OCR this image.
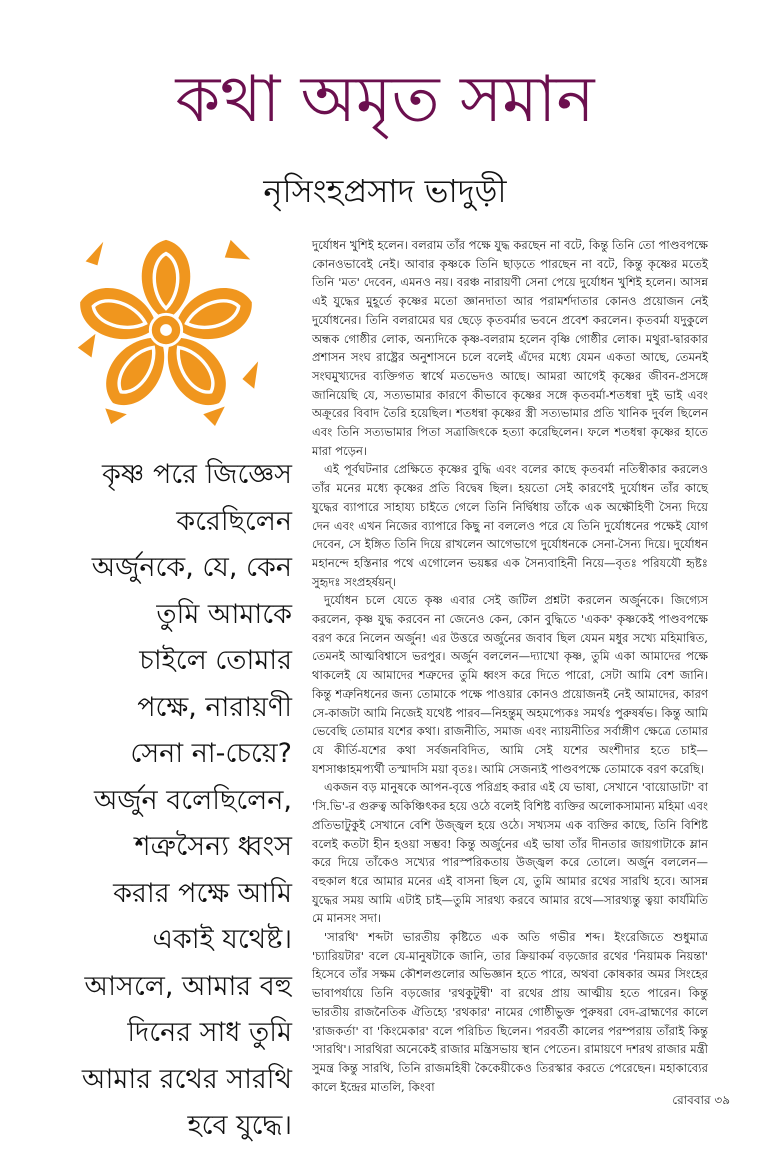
কথা অমৃত সমান
নৃসিংহপ্রসাদ ভাদুড়ী
কৃষ্ণ পরে জিজ্ঞেস
করেছিলেন
অর্জুনকে, যে, কেন
তুমি আমাকে
চাইলে তোমার
পক্ষে, নারায়ণী
সেনা না-চেয়ে?
অর্জুন বলেছিলেন,
শত্রুসৈন্য ধ্বংস
করার পক্ষে আমি
একাই যথেষ্ট।
আসলে, আমার বহু
দিনের সাধ তুমি
আমার রথের সারথি
হবে যুদ্ধে।

দুর্যোধন খুশিই হলেন। বলরাম তাঁর পক্ষে যুদ্ধ করছেন না বটে, কিন্তু তিনি তো পাণ্ডবপক্ষে কোনওভাবেই নেই। আবার কৃষ্ণকে তিনি ছাড়তে পারছেন না বটে, কিন্তু কৃষ্ণের মতেই তিনি 'মত' দেবেন, এমনও নয়। বরঞ্চ নারায়ণী সেনা পেয়ে দুর্যোধন খুশিই হলেন। আসন্ন এই যুদ্ধের মুহূর্তে কৃষ্ণের মতো জ্ঞানদাতা আর পরামর্শদাতার কোনও প্রয়োজন নেই দুর্যোধনের। তিনি বলরামের ঘর ছেড়ে কৃতবর্মার ভবনে প্রবেশ করলেন। কৃতবর্মা যদুকুলে অন্ধক গোষ্ঠীর লোক, অন্যদিকে কৃষ্ণ-বলরাম হলেন বৃষ্ণি গোষ্ঠীর লোক। মথুরা-দ্বারকার প্রশাসন সংঘ রাষ্ট্রের অনুশাসনে চলে বলেই এঁদের মধ্যে যেমন একতা আছে, তেমনই সংঘমুখ্যদের ব্যক্তিগত স্বার্থে মতভেদও আছে। আমরা আগেই কৃষ্ণের জীবন-প্রসঙ্গে জানিয়েছি যে, সত্যভামার কারণে কীভাবে কৃষ্ণের সঙ্গে কৃতবর্মা-শতধন্বা দুই ভাই এবং অক্রূরের বিবাদ তৈরি হয়েছিল। শতধন্বা কৃষ্ণের স্ত্রী সত্যভামার প্রতি খানিক দুর্বল ছিলেন এবং তিনি সত্যভামার পিতা সত্রাজিৎকে হত্যা করেছিলেন। ফলে শতধন্বা কৃষ্ণের হাতে মারা পড়েন।

এই পূর্বঘটনার প্রেক্ষিতে কৃষ্ণের বুদ্ধি এবং বলের কাছে কৃতবর্মা নতিস্বীকার করলেও তাঁর মনের মধ্যে কৃষ্ণের প্রতি বিদ্বেষ ছিল। হয়তো সেই কারণেই দুর্যোধন তাঁর কাছে যুদ্ধের ব্যাপারে সাহায্য চাইতে গেলে তিনি নির্দ্বিধায় তাঁকে এক অক্ষৌহিণী সৈন্য দিয়ে দেন এবং এখন নিজের ব্যাপারে কিছু না বললেও পরে যে তিনি দুর্যোধনের পক্ষেই যোগ দেবেন, সে ইঙ্গিত তিনি দিয়ে রাখলেন আগেভাগে দুর্যোধনকে সেনা-সৈন্য দিয়ে। দুর্যোধন মহানন্দে হস্তিনার পথে এগোলেন ভয়ঙ্কর এক সৈন্যবাহিনী নিয়ে—বৃতঃ পরিযযৌ হৃষ্টঃ সুহৃদঃ সংপ্রহর্ষয়ন্।

দুর্যোধন চলে যেতে কৃষ্ণ এবার সেই জটিল প্রশ্নটা করলেন অর্জুনকে। জিগ্যেস করলেন, কৃষ্ণ যুদ্ধ করবেন না জেনেও কেন, কোন বুদ্ধিতে 'একক' কৃষ্ণকেই পাণ্ডবপক্ষে বরণ করে নিলেন অর্জুন! এর উত্তরে অর্জুনের জবাব ছিল যেমন মধুর সখ্যে মহিমান্বিত, তেমনই আত্মবিশ্বাসে ভরপুর। অর্জুন বললেন—দ্যাখো কৃষ্ণ, তুমি একা আমাদের পক্ষে থাকলেই যে আমাদের শত্রুদের তুমি ধ্বংস করে দিতে পারো, সেটা আমি বেশ জানি। কিন্তু শত্রুনিধনের জন্য তোমাকে পক্ষে পাওয়ার কোনও প্রয়োজনই নেই আমাদের, কারণ সে-কাজটা আমি নিজেই যথেষ্ট পারব—নিহন্তুম্ অহমপ্যেকঃ সমর্থঃ পুরুষর্ষভ। কিন্তু আমি ভেবেছি তোমার যশের কথা। রাজনীতি, সমাজ এবং ন্যায়নীতির সর্বাঙ্গীণ ক্ষেত্রে তোমার যে কীর্তি-যশের কথা সর্বজনবিদিত, আমি সেই যশের অংশীদার হতে চাই—যশসাঞ্চাহমপ্যর্থী তস্মাদসি ময়া বৃতঃ। আমি সেজন্যই পাণ্ডবপক্ষে তোমাকে বরণ করেছি।

একজন বড় মানুষকে আপন-বৃত্তে পরিগ্রহ করার এই যে ভাষা, সেখানে 'বায়োডাটা' বা 'সি.ভি'-র গুরুত্ব অকিঞ্চিৎকর হয়ে ওঠে বলেই বিশিষ্ট ব্যক্তির অলোকসামান্য মহিমা এবং প্রতিভাটুকুই সেখানে বেশি উজ্জ্বল হয়ে ওঠে। সখ্যসম এক ব্যক্তির কাছে, তিনি বিশিষ্ট বলেই কতটা হীন হওয়া সম্ভব! কিন্তু অর্জুনের এই ভাষা তাঁর দীনতার জায়গাটাকে ম্লান করে দিয়ে তাঁকেও সখ্যের পারস্পরিকতায় উজ্জ্বল করে তোলে। অর্জুন বললেন—বহুকাল ধরে আমার মনের এই বাসনা ছিল যে, তুমি আমার রথের সারথি হবে। আসন্ন যুদ্ধের সময় আমি এটাই চাই—তুমি সারথ্য করবে আমার রথে—সারথ্যন্তু ত্বয়া কার্যমিতি মে মানসং সদা।

'সারথি' শব্দটা ভারতীয় কৃষ্টিতে এক অতি গভীর শব্দ। ইংরেজিতে শুধুমাত্র 'চ্যারিয়টার' বলে যে-মানুষটাকে জানি, তার ক্রিয়াকর্ম বড়জোর রথের 'নিয়ামক নিয়ন্তা' হিসেবে তাঁর সক্ষম কৌশলগুলোর অভিজ্ঞান হতে পারে, অথবা কোষকার অমর সিংহের ভাবাপর্যায়ে তিনি বড়জোর 'রথকুটুম্বী' বা রথের প্রায় আত্মীয় হতে পারেন। কিন্তু ভারতীয় রাজনৈতিক ঐতিহ্যে 'রথকার' নামের গোষ্ঠীভুক্ত পুরুষরা বেদ-ব্রাহ্মণের কালে 'রাজকর্তা' বা 'কিংমেকার' বলে পরিচিত ছিলেন। পরবর্তী কালের পরম্পরায় তাঁরাই কিন্তু 'সারথি'। সারথিরা অনেকেই রাজার মন্ত্রিসভায় স্থান পেতেন। রামায়ণে দশরথ রাজার মন্ত্রী সুমন্ত্র কিন্তু সারথি, তিনি রাজমহিষী কৈকেয়ীকেও তিরস্কার করতে পেরেছেন। মহাকাব্যের কালে ইন্দ্রের মাতলি, কিংবা

রোববার ৩৯
